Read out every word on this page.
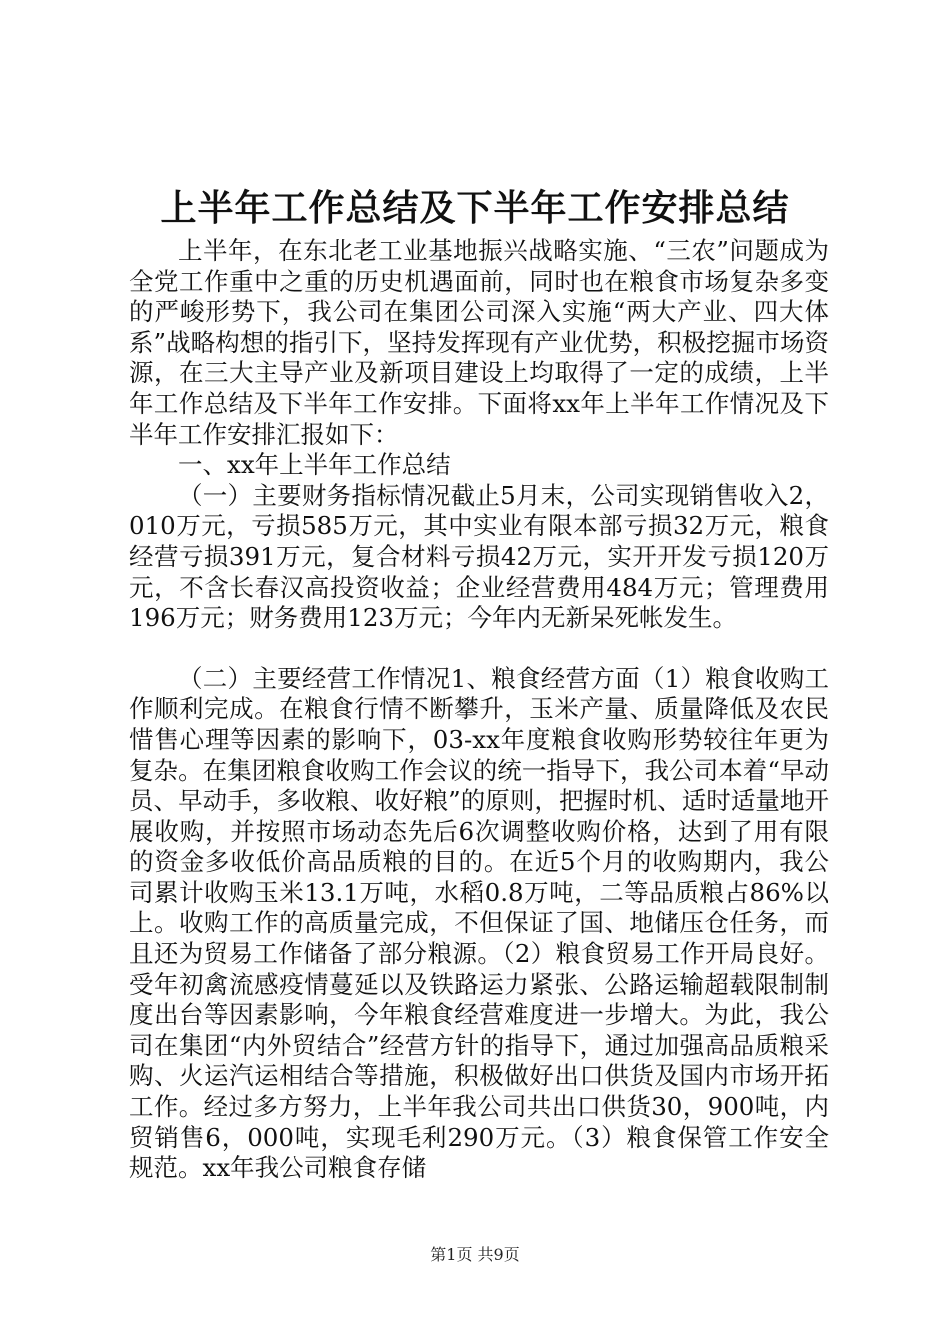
上半年工作总结及下半年工作安排总结

上半年，在东北老工业基地振兴战略实施、“三农”问题成为全党工作重中之重的历史机遇面前，同时也在粮食市场复杂多变的严峻形势下，我公司在集团公司深入实施“两大产业、四大体系”战略构想的指引下，坚持发挥现有产业优势，积极挖掘市场资源，在三大主导产业及新项目建设上均取得了一定的成绩，上半年工作总结及下半年工作安排。下面将xx年上半年工作情况及下半年工作安排汇报如下：

一、xx年上半年工作总结

（一）主要财务指标情况截止5月末，公司实现销售收入2，010万元，亏损585万元，其中实业有限本部亏损32万元，粮食经营亏损391万元，复合材料亏损42万元，实开开发亏损120万元，不含长春汉高投资收益；企业经营费用484万元；管理费用196万元；财务费用123万元；今年内无新呆死帐发生。

（二）主要经营工作情况1、粮食经营方面（1）粮食收购工作顺利完成。在粮食行情不断攀升，玉米产量、质量降低及农民惜售心理等因素的影响下，03-xx年度粮食收购形势较往年更为复杂。在集团粮食收购工作会议的统一指导下，我公司本着“早动员、早动手，多收粮、收好粮”的原则，把握时机、适时适量地开展收购，并按照市场动态先后6次调整收购价格，达到了用有限的资金多收低价高品质粮的目的。在近5个月的收购期内，我公司累计收购玉米13.1万吨，水稻0.8万吨，二等品质粮占86%以上。收购工作的高质量完成，不但保证了国、地储压仓任务，而且还为贸易工作储备了部分粮源。（2）粮食贸易工作开局良好。受年初禽流感疫情蔓延以及铁路运力紧张、公路运输超载限制制度出台等因素影响，今年粮食经营难度进一步增大。为此，我公司在集团“内外贸结合”经营方针的指导下，通过加强高品质粮采购、火运汽运相结合等措施，积极做好出口供货及国内市场开拓工作。经过多方努力，上半年我公司共出口供货30，900吨，内贸销售6，000吨，实现毛利290万元。（3）粮食保管工作安全规范。xx年我公司粮食存储

第1页 共9页
